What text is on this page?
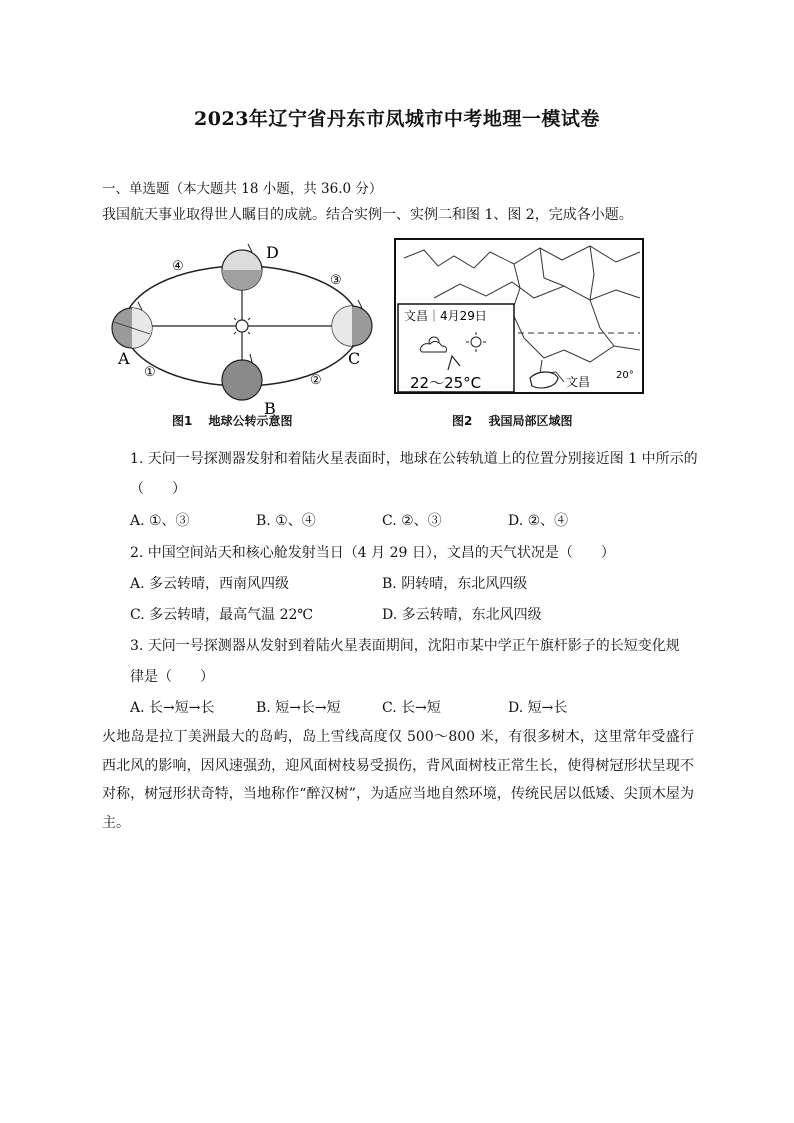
2023年辽宁省丹东市凤城市中考地理一模试卷
一、单选题（本大题共 18 小题，共 36.0 分）
我国航天事业取得世人瞩目的成就。结合实例一、实例二和图 1、图 2，完成各小题。
A
B
C
D
①
②
③
④
图1　 地球公转示意图
文昌｜4月29日
22～25°C	文昌	20°
图2　 我国局部区域图
1. 天问一号探测器发射和着陆火星表面时，地球在公转轨道上的位置分别接近图 1 中所示的
（　　）
A. ①、③	B. ①、④	C. ②、③	D. ②、④
2. 中国空间站天和核心舱发射当日（4 月 29 日），文昌的天气状况是（　　）
A. 多云转晴，西南风四级	B. 阴转晴，东北风四级
C. 多云转晴，最高气温 22℃	D. 多云转晴，东北风四级
3. 天问一号探测器从发射到着陆火星表面期间，沈阳市某中学正午旗杆影子的长短变化规
律是（　　）
A. 长→短→长	B. 短→长→短	C. 长→短	D. 短→长
火地岛是拉丁美洲最大的岛屿，岛上雪线高度仅 500～800 米，有很多树木，这里常年受盛行西北风的影响，因风速强劲，迎风面树枝易受损伤，背风面树枝正常生长，使得树冠形状呈现不对称，树冠形状奇特，当地称作“醉汉树”，为适应当地自然环境，传统民居以低矮、尖顶木屋为主。
